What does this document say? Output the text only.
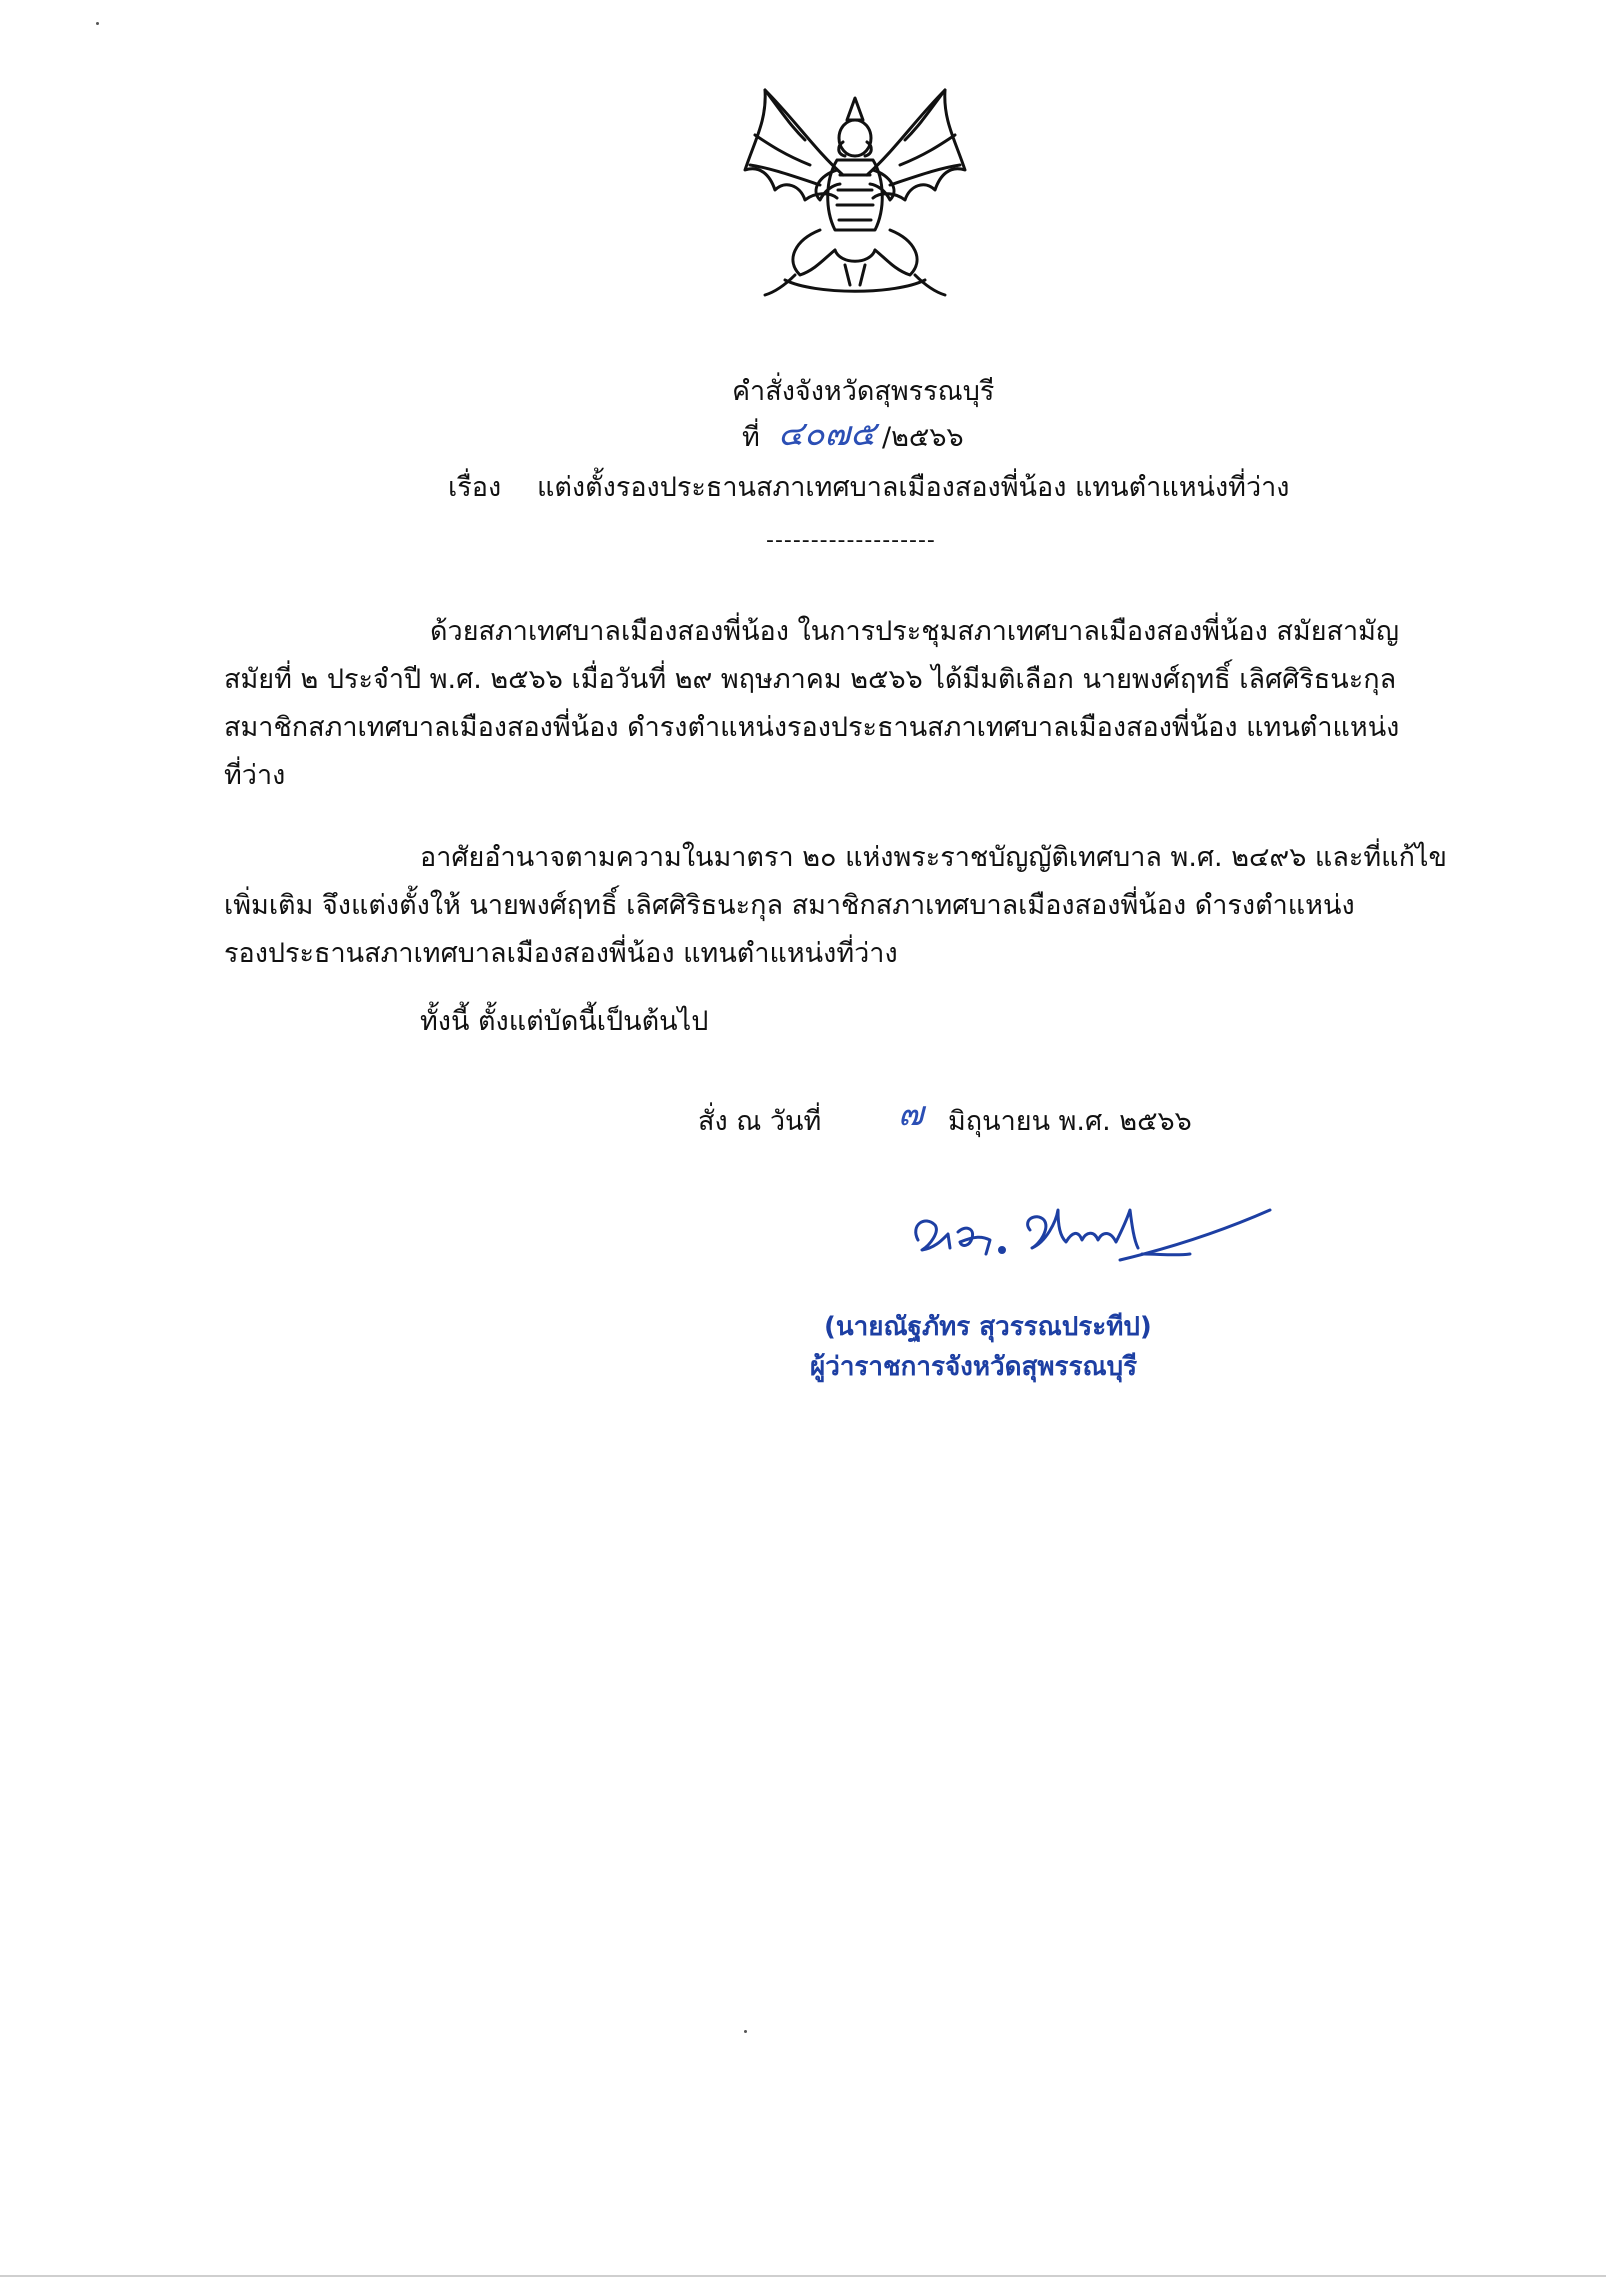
คำสั่งจังหวัดสุพรรณบุรี
ที่ ๔๐๗๕ /๒๕๖๖
เรื่อง แต่งตั้งรองประธานสภาเทศบาลเมืองสองพี่น้อง แทนตำแหน่งที่ว่าง
-------------------
ด้วยสภาเทศบาลเมืองสองพี่น้อง ในการประชุมสภาเทศบาลเมืองสองพี่น้อง สมัยสามัญ
สมัยที่ ๒ ประจำปี พ.ศ. ๒๕๖๖ เมื่อวันที่ ๒๙ พฤษภาคม ๒๕๖๖ ได้มีมติเลือก นายพงศ์ฤทธิ์ เลิศศิริธนะกุล
สมาชิกสภาเทศบาลเมืองสองพี่น้อง ดำรงตำแหน่งรองประธานสภาเทศบาลเมืองสองพี่น้อง แทนตำแหน่ง
ที่ว่าง
อาศัยอำนาจตามความในมาตรา ๒๐ แห่งพระราชบัญญัติเทศบาล พ.ศ. ๒๔๙๖ และที่แก้ไข
เพิ่มเติม จึงแต่งตั้งให้ นายพงศ์ฤทธิ์ เลิศศิริธนะกุล สมาชิกสภาเทศบาลเมืองสองพี่น้อง ดำรงตำแหน่ง
รองประธานสภาเทศบาลเมืองสองพี่น้อง แทนตำแหน่งที่ว่าง
ทั้งนี้ ตั้งแต่บัดนี้เป็นต้นไป
สั่ง ณ วันที่ ๗ มิถุนายน พ.ศ. ๒๕๖๖
(นายณัฐภัทร สุวรรณประทีป)
ผู้ว่าราชการจังหวัดสุพรรณบุรี
